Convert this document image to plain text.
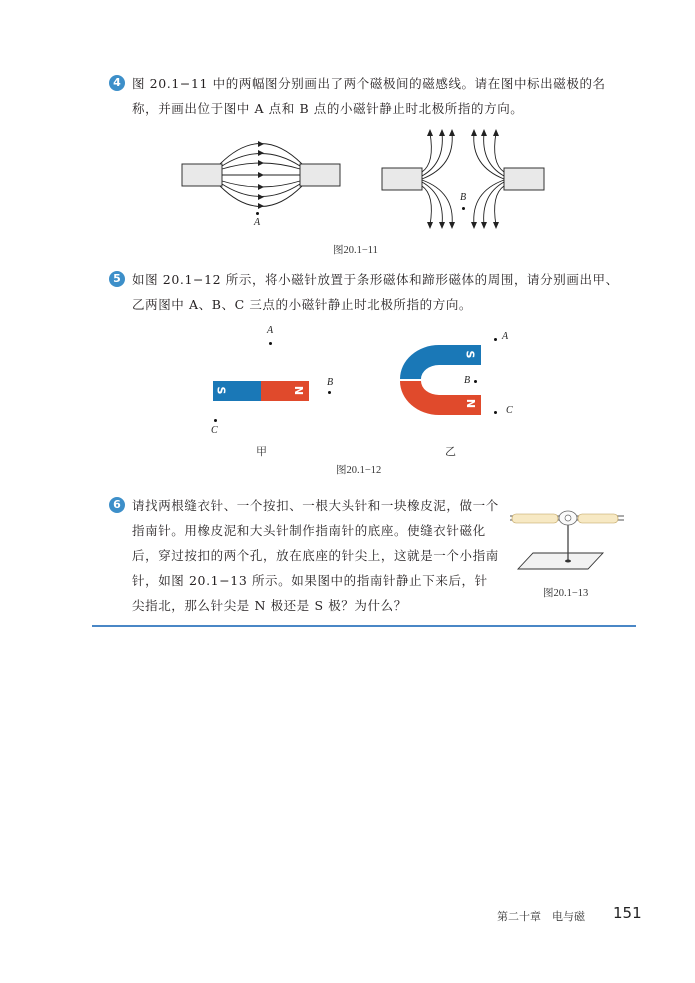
4 图 20.1−11 中的两幅图分别画出了两个磁极间的磁感线。请在图中标出磁极的名称，并画出位于图中 A 点和 B 点的小磁针静止时北极所指的方向。
A
B
图20.1−11
5 如图 20.1−12 所示，将小磁针放置于条形磁体和蹄形磁体的周围，请分别画出甲、乙两图中 A、B、C 三点的小磁针静止时北极所指的方向。
A
S	N
B
C
甲
S
N
A
B
C
乙
图20.1−12
6 请找两根缝衣针、一个按扣、一根大头针和一块橡皮泥，做一个指南针。用橡皮泥和大头针制作指南针的底座。使缝衣针磁化后，穿过按扣的两个孔，放在底座的针尖上，这就是一个小指南针，如图 20.1−13 所示。如果图中的指南针静止下来后，针尖指北，那么针尖是 N 极还是 S 极？为什么？
图20.1−13
第二十章　电与磁 151
